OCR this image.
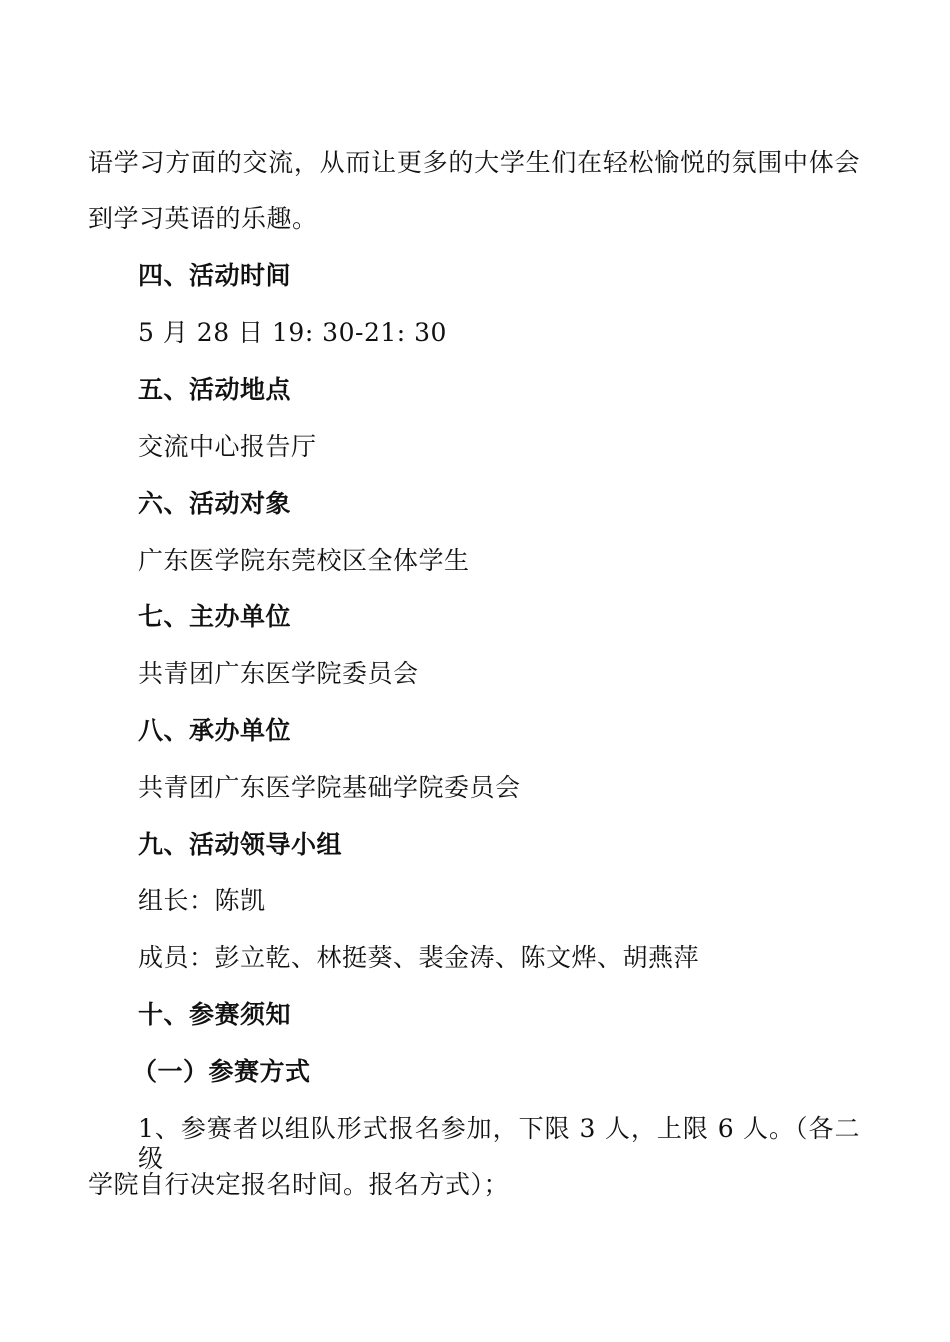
语学习方面的交流，从而让更多的大学生们在轻松愉悦的氛围中体会
到学习英语的乐趣。
四、活动时间
5 月 28 日 19: 30-21: 30
五、活动地点
交流中心报告厅
六、活动对象
广东医学院东莞校区全体学生
七、主办单位
共青团广东医学院委员会
八、承办单位
共青团广东医学院基础学院委员会
九、活动领导小组
组长：陈凯
成员：彭立乾、林挺葵、裴金涛、陈文烨、胡燕萍
十、参赛须知
（一）参赛方式
1、参赛者以组队形式报名参加，下限 3 人，上限 6 人。（各二级
学院自行决定报名时间。报名方式）；
